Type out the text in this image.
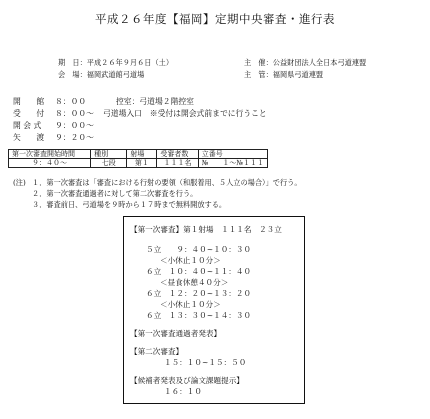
平成２６年度【福岡】定期中央審査・進行表
期　日：平成２６年９月６日（土）
会　場：福岡武道館弓道場
主　催：公益財団法人全日本弓道連盟
主　管：福岡県弓道連盟
開　　館 ８：００	控室：弓道場２階控室
受　　付 ８：００～ 弓道場入口　※受付は開会式前までに行うこと
開 会 式 ９：００～
矢　　渡 ９：２０～
第一次審査開始時間	種別	射場	受審者数	立番号
９：４０～	七段	第１	１１１名	№　　１～№１１１
(注) １．第一次審査は「審査における行射の要領（和服着用、５人立の場合）」で行う。
２．第一次審査通過者に対して第二次審査を行う。
３．審査前日、弓道場を９時から１７時まで無料開放する。
【第一次審査】第１射場　１１１名　２３立
５立　　９：４０~１０：３０
＜小休止１０分＞
６立　１０：４０~１１：４０
＜昼食休憩４０分＞
６立　１２：２０~１３：２０
＜小休止１０分＞
６立　１３：３０~１４：３０
【第一次審査通過者発表】
【第二次審査】
１５：１０~１５：５０
【候補者発表及び論文課題提示】
１６：１０
